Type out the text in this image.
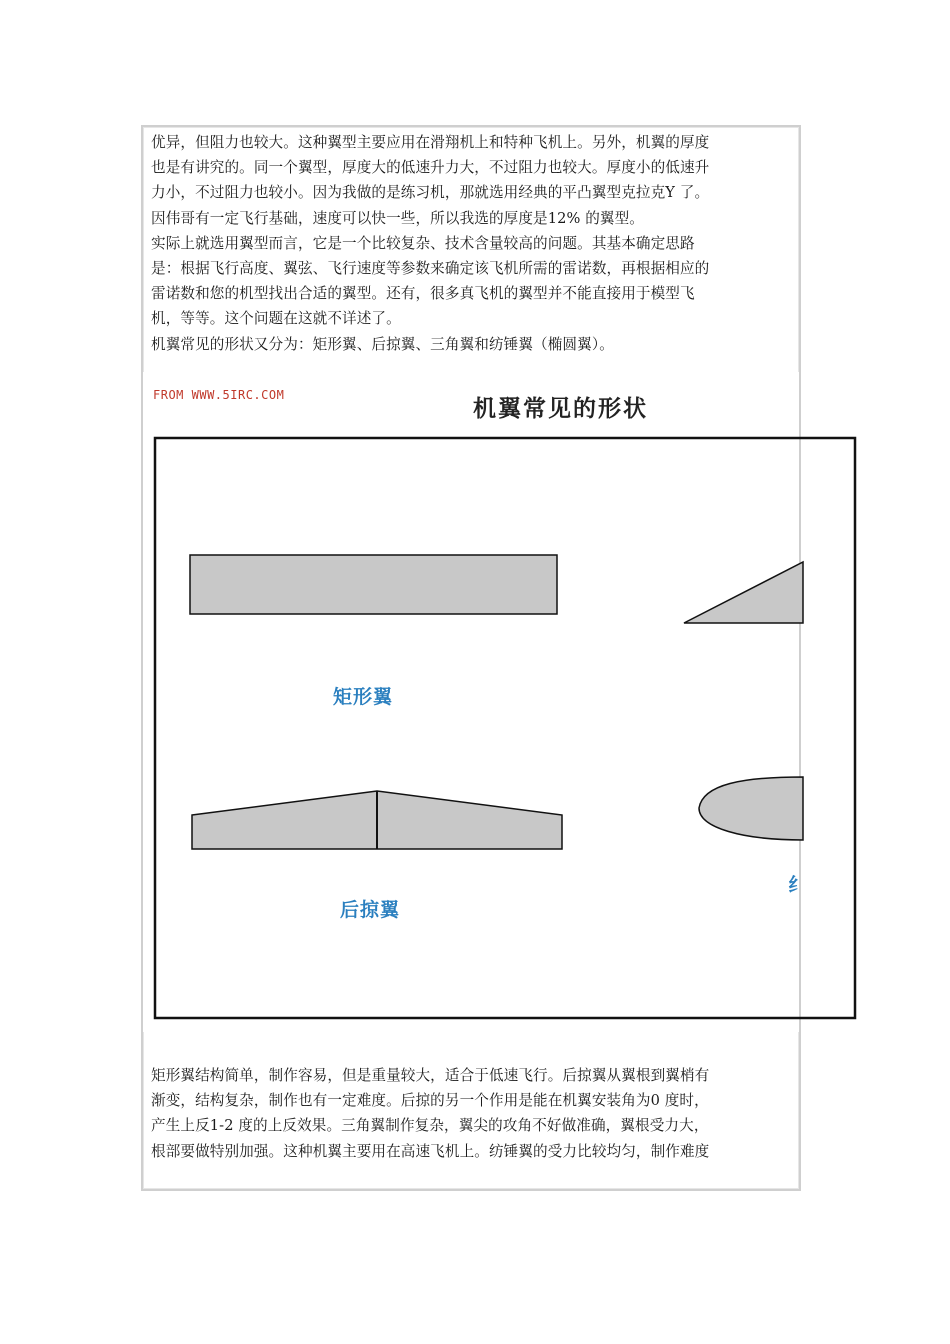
优异，但阻力也较大。这种翼型主要应用在滑翔机上和特种飞机上。另外，机翼的厚度
也是有讲究的。同一个翼型，厚度大的低速升力大，不过阻力也较大。厚度小的低速升
力小，不过阻力也较小。因为我做的是练习机，那就选用经典的平凸翼型克拉克Y 了。
因伟哥有一定飞行基础，速度可以快一些，所以我选的厚度是12% 的翼型。
实际上就选用翼型而言，它是一个比较复杂、技术含量较高的问题。其基本确定思路
是：根据飞行高度、翼弦、飞行速度等参数来确定该飞机所需的雷诺数，再根据相应的
雷诺数和您的机型找出合适的翼型。还有，很多真飞机的翼型并不能直接用于模型飞
机，等等。这个问题在这就不详述了。
机翼常见的形状又分为：矩形翼、后掠翼、三角翼和纺锤翼（椭圆翼）。
FROM WWW.5IRC.COM
机翼常见的形状
矩形翼
后掠翼
纟
矩形翼结构简单，制作容易，但是重量较大，适合于低速飞行。后掠翼从翼根到翼梢有
渐变，结构复杂，制作也有一定难度。后掠的另一个作用是能在机翼安装角为0 度时，
产生上反1-2 度的上反效果。三角翼制作复杂，翼尖的攻角不好做准确，翼根受力大，
根部要做特别加强。这种机翼主要用在高速飞机上。纺锤翼的受力比较均匀，制作难度
